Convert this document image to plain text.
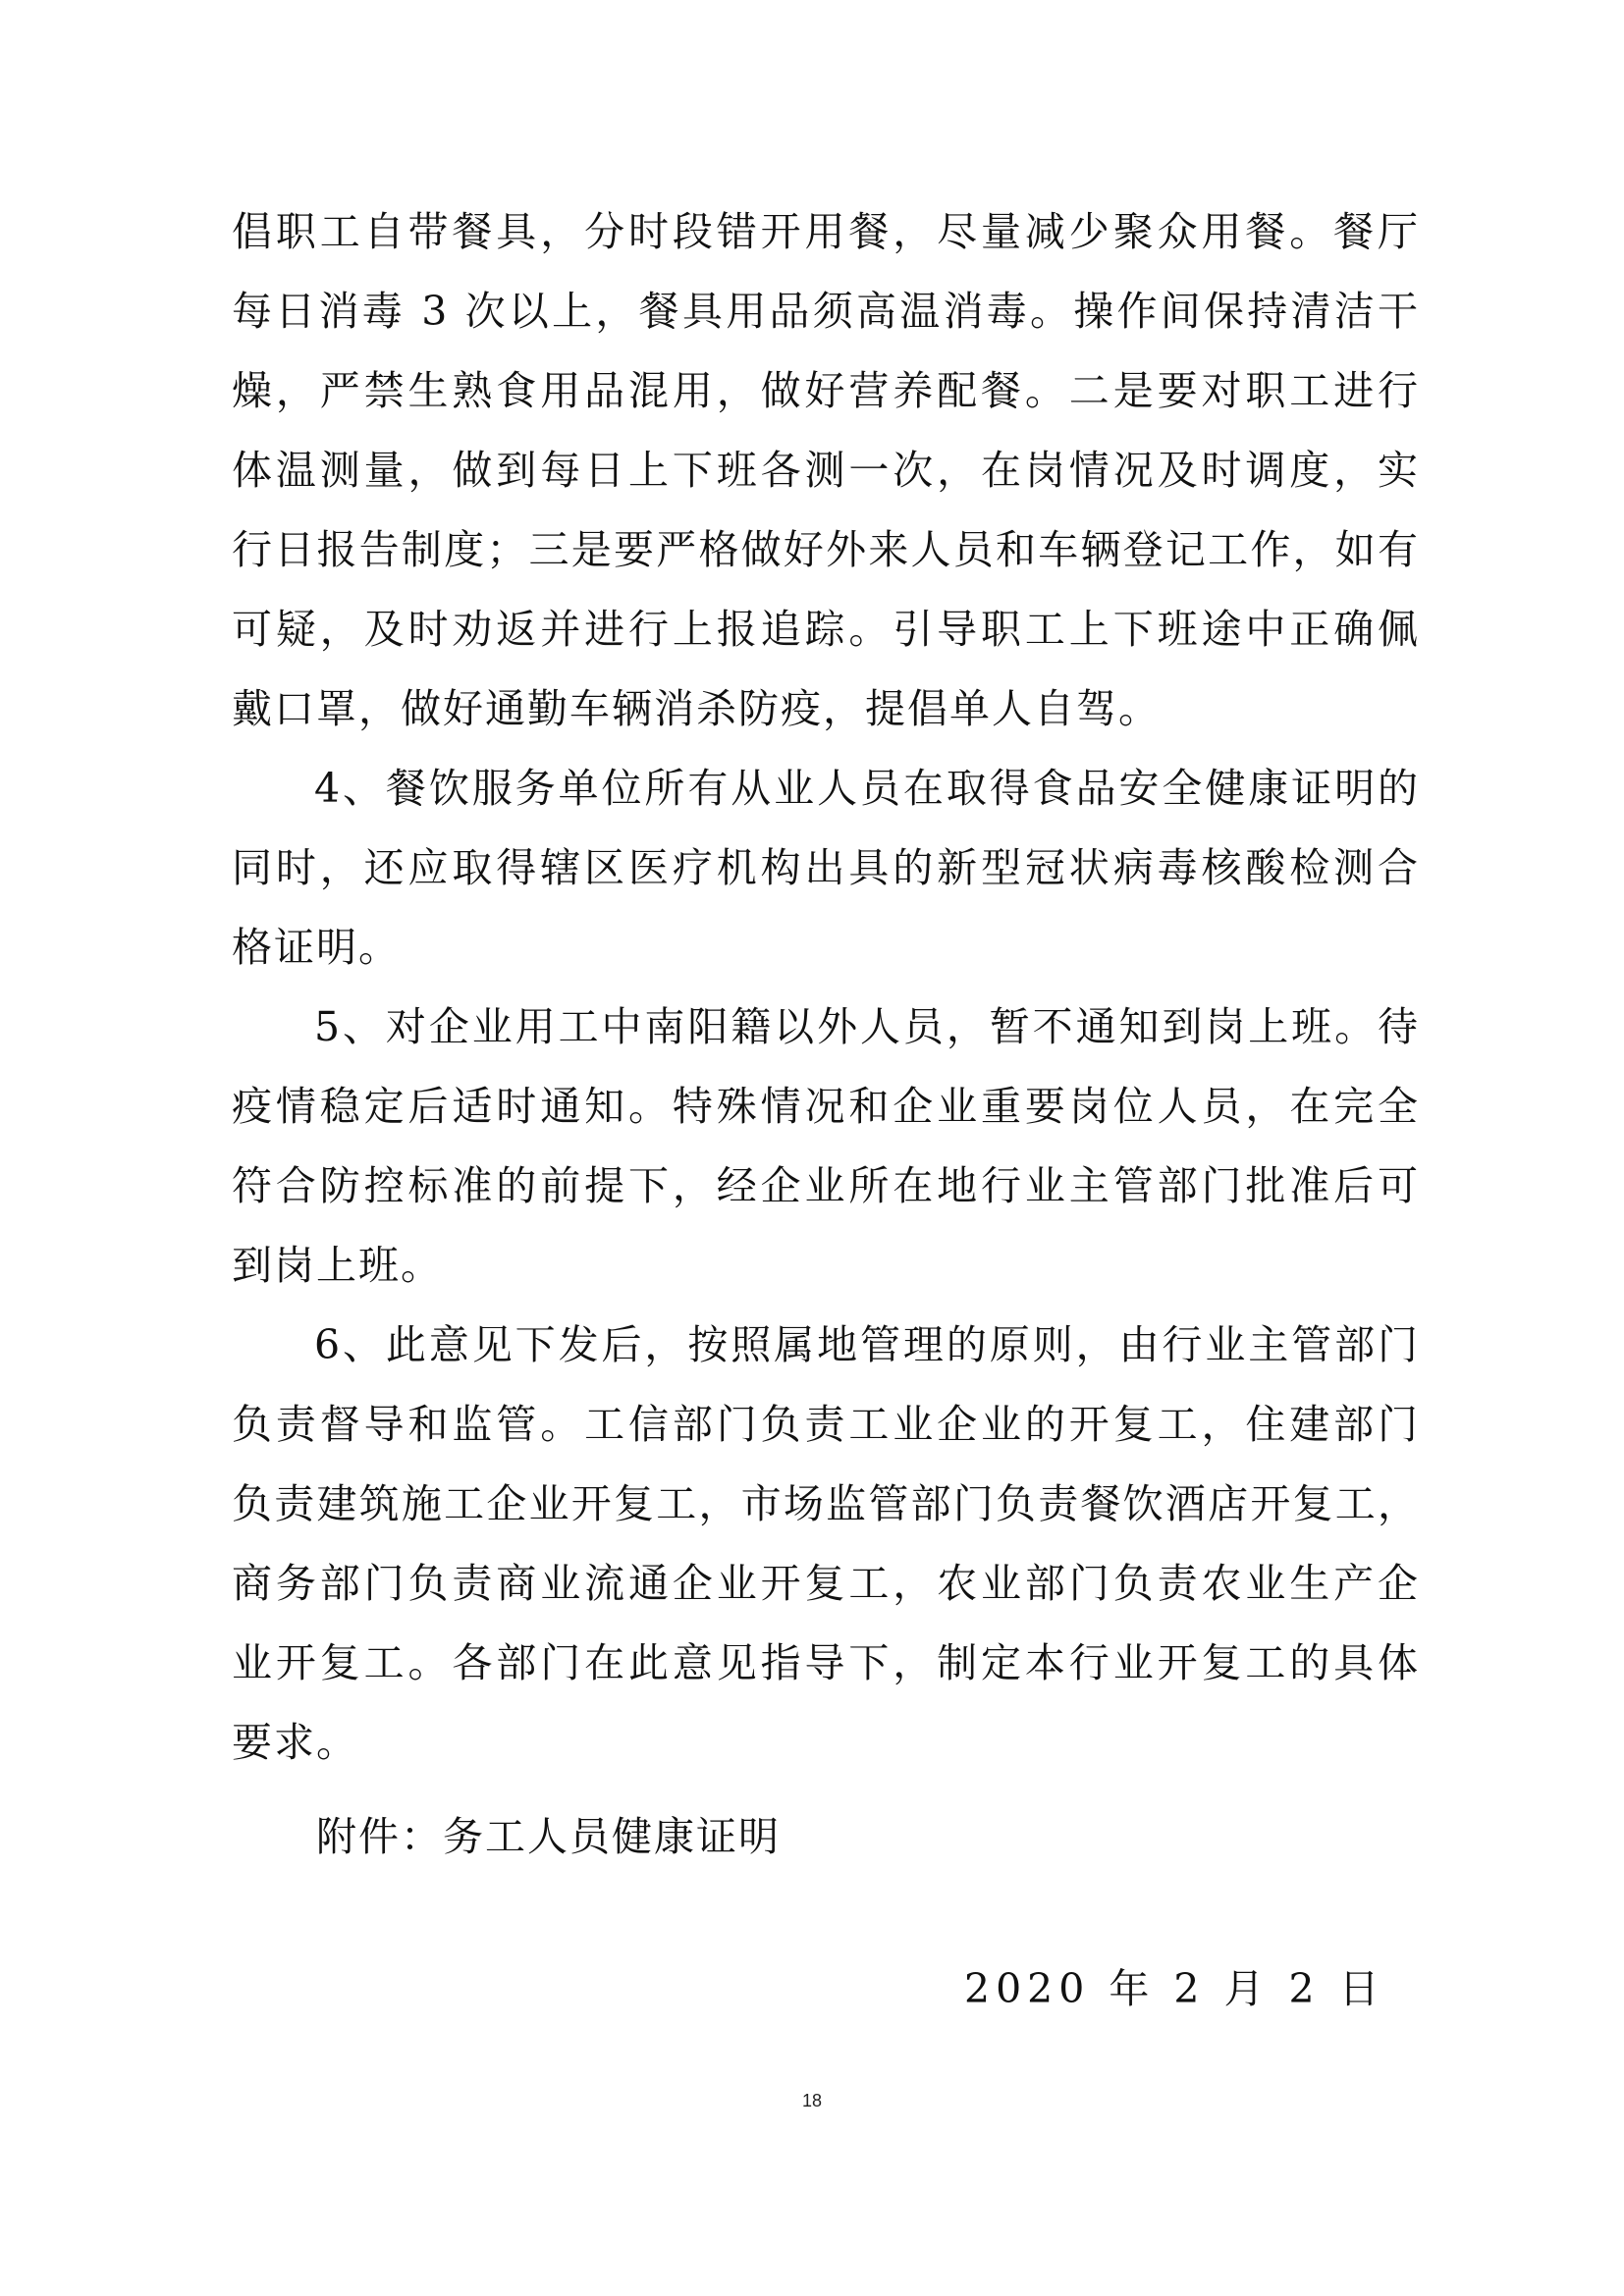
倡职工自带餐具，分时段错开用餐，尽量减少聚众用餐。餐厅
每日消毒 3 次以上，餐具用品须高温消毒。操作间保持清洁干
燥，严禁生熟食用品混用，做好营养配餐。二是要对职工进行
体温测量，做到每日上下班各测一次，在岗情况及时调度，实
行日报告制度；三是要严格做好外来人员和车辆登记工作，如有
可疑，及时劝返并进行上报追踪。引导职工上下班途中正确佩
戴口罩，做好通勤车辆消杀防疫，提倡单人自驾。

4、餐饮服务单位所有从业人员在取得食品安全健康证明的
同时，还应取得辖区医疗机构出具的新型冠状病毒核酸检测合
格证明。

5、对企业用工中南阳籍以外人员，暂不通知到岗上班。待
疫情稳定后适时通知。特殊情况和企业重要岗位人员，在完全
符合防控标准的前提下，经企业所在地行业主管部门批准后可
到岗上班。

6、此意见下发后，按照属地管理的原则，由行业主管部门
负责督导和监管。工信部门负责工业企业的开复工，住建部门
负责建筑施工企业开复工，市场监管部门负责餐饮酒店开复工，
商务部门负责商业流通企业开复工，农业部门负责农业生产企
业开复工。各部门在此意见指导下，制定本行业开复工的具体
要求。

附件：务工人员健康证明
2020 年 2 月 2 日
18
